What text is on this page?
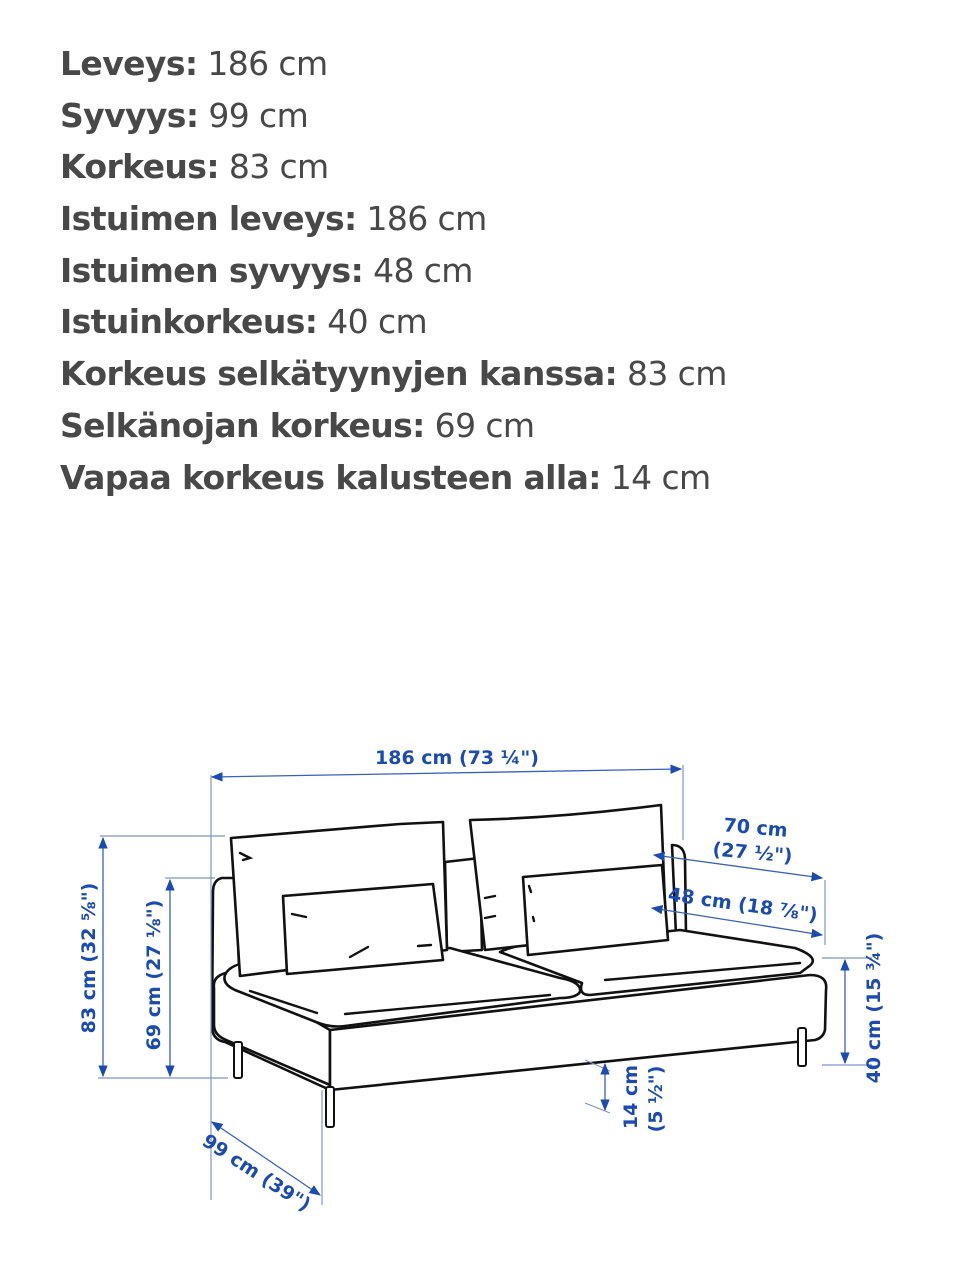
Leveys: 186 cm
Syvyys: 99 cm
Korkeus: 83 cm
Istuimen leveys: 186 cm
Istuimen syvyys: 48 cm
Istuinkorkeus: 40 cm
Korkeus selkätyynyjen kanssa: 83 cm
Selkänojan korkeus: 69 cm
Vapaa korkeus kalusteen alla: 14 cm
186 cm (73 ¼")
83 cm (32 ⅝") 69 cm (27 ⅛")
70 cm
(27 ½")
48 cm (18 ⅞")
40 cm (15 ¾")
14 cm (5 ½")
99 cm (39")
